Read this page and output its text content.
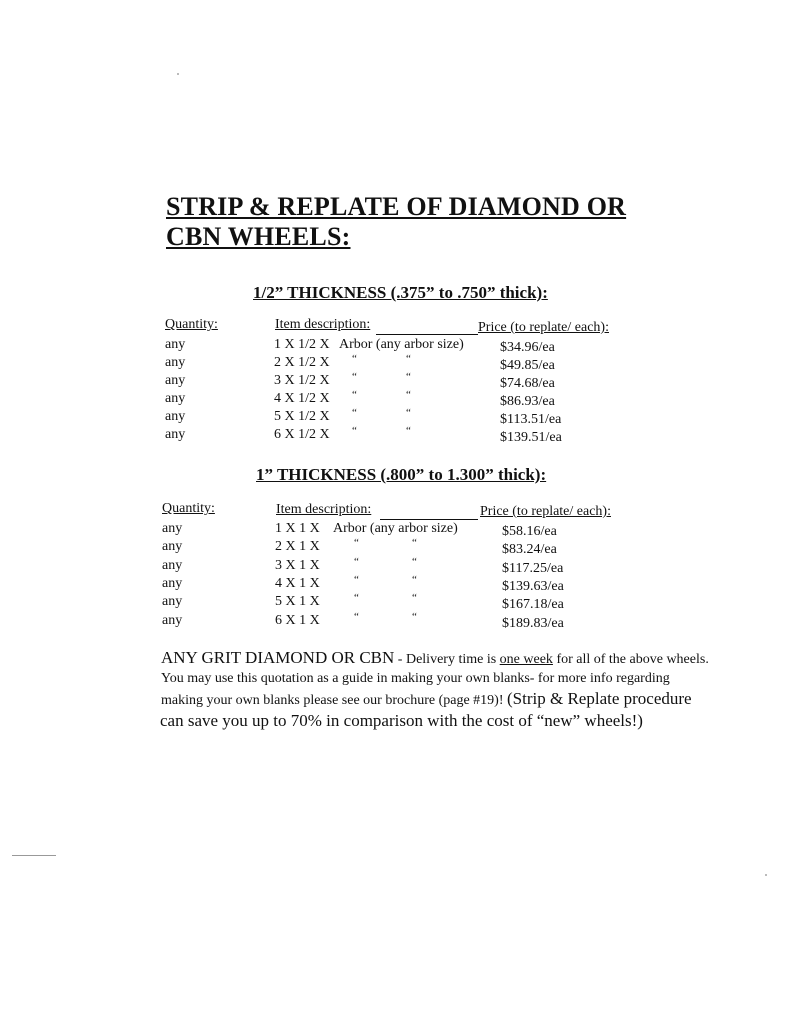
STRIP & REPLATE OF DIAMOND OR
CBN WHEELS:
1/2” THICKNESS (.375” to .750” thick):
Quantity:	Item description:	Price (to replate/ each):
any	1 X 1/2 X Arbor (any arbor size)	$34.96/ea
any	2 X 1/2 X “	“	$49.85/ea
any	3 X 1/2 X “	“	$74.68/ea
any	4 X 1/2 X “	“	$86.93/ea
any	5 X 1/2 X “	“	$113.51/ea
any	6 X 1/2 X “	“	$139.51/ea
1” THICKNESS (.800” to 1.300” thick):
Quantity:	Item description:	Price (to replate/ each):
any	1 X 1 X Arbor (any arbor size)	$58.16/ea
any	2 X 1 X	“	“	$83.24/ea
any	3 X 1 X	“	“	$117.25/ea
any	4 X 1 X	“	“	$139.63/ea
any	5 X 1 X	“	“	$167.18/ea
any	6 X 1 X	“	“	$189.83/ea
ANY GRIT DIAMOND OR CBN - Delivery time is one week for all of the above wheels.
You may use this quotation as a guide in making your own blanks- for more info regarding
making your own blanks please see our brochure (page #19)! (Strip & Replate procedure
can save you up to 70% in comparison with the cost of “new” wheels!)
